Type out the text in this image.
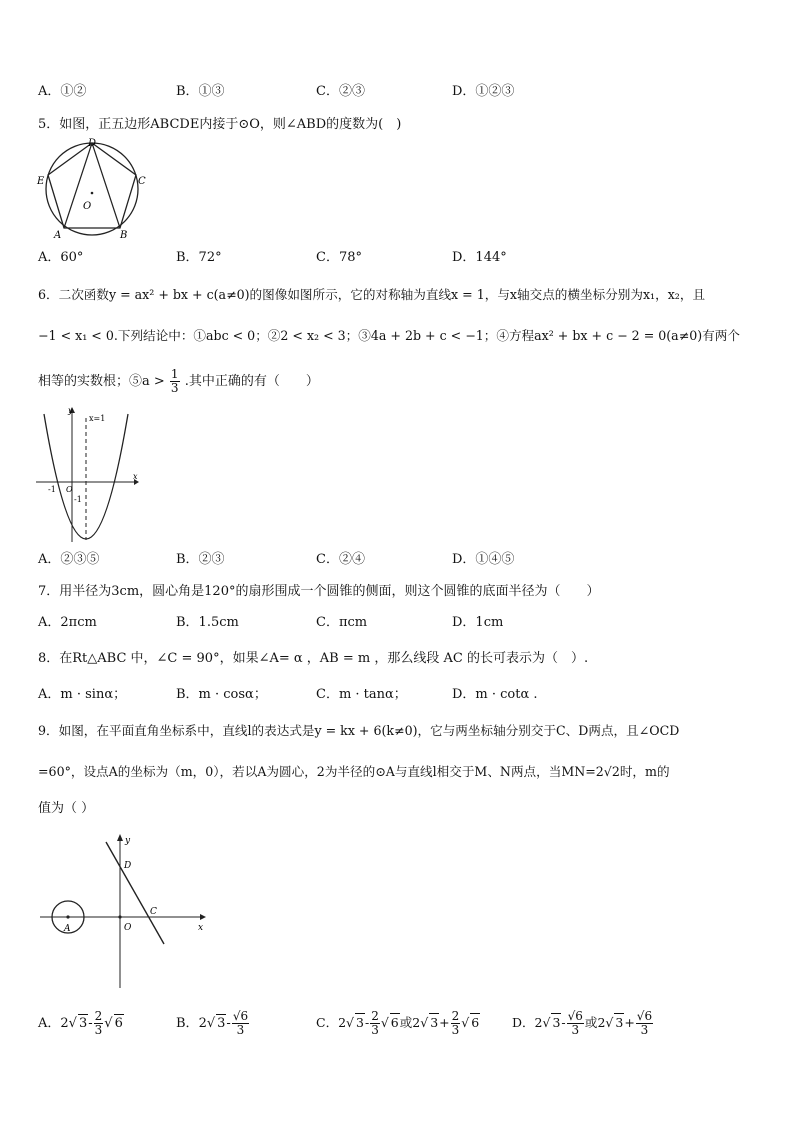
A．①②	B．①③	C．②③	D．①②③
5．如图，正五边形ABCDE内接于⊙O，则∠ABD的度数为(　)
D
E	C
O
A	B
A．60°	B．72°	C．78°	D．144°
6．二次函数y = ax² + bx + c(a≠0)的图像如图所示，它的对称轴为直线x = 1，与x轴交点的横坐标分别为x₁，x₂，且
−1 < x₁ < 0.下列结论中：①abc < 0；②2 < x₂ < 3；③4a + 2b + c < −1；④方程ax² + bx + c − 2 = 0(a≠0)有两个
相等的实数根；⑤a > $\frac{1}{3}$ .其中正确的有（　　）
y
x=1
x
-1 O
-1
A．②③⑤	B．②③	C．②④	D．①④⑤
7．用半径为3cm，圆心角是120°的扇形围成一个圆锥的侧面，则这个圆锥的底面半径为（　　）
A．2πcm	B．1.5cm	C．πcm	D．1cm
8．在Rt△ABC 中，∠C = 90°，如果∠A= α ，AB = m ，那么线段 AC 的长可表示为（　）.
A．m · sinα；	B．m · cosα；	C．m · tanα；	D．m · cotα .
9．如图，在平面直角坐标系中，直线l的表达式是y = kx + 6(k≠0)，它与两坐标轴分别交于C、D两点，且∠OCD
=60°，设点A的坐标为（m，0），若以A为圆心，2为半径的⊙A与直线l相交于M、N两点，当MN=2√2时，m的
值为（ ）
y
D
C
A	O	x
A．2√ $3- \frac{2}{3}$ √ 6	B．2√ $3- \frac{√6}{3}$	C．2√ $3- \frac{2}{3}$ √ 6或2√ $3+ \frac{2}{3}$ √ 6	D．2√ $3- \frac{√6}{3}$ 或2√ $3+ \frac{√6}{3}$
